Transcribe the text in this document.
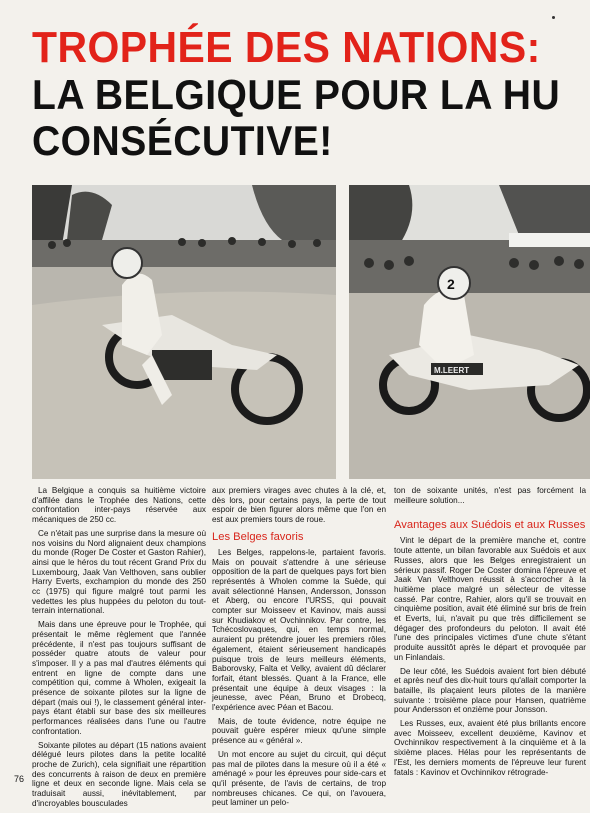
TROPHÉE DES NATIONS:
LA BELGIQUE POUR LA HU
CONSÉCUTIVE!
2
M.LEERT

La Belgique a conquis sa huitième victoire d'affilée dans le Trophée des Nations, cette confrontation inter-pays réservée aux mécaniques de 250 cc.

Ce n'était pas une surprise dans la mesure où nos voisins du Nord alignaient deux champions du monde (Roger De Coster et Gaston Rahier), ainsi que le héros du tout récent Grand Prix du Luxembourg, Jaak Van Velthoven, sans oublier Harry Everts, exchampion du monde des 250 cc (1975) qui figure malgré tout parmi les vedettes les plus huppées du peloton du tout-terrain international.

Mais dans une épreuve pour le Trophée, qui présentait le même règlement que l'année précédente, il n'est pas toujours suffisant de posséder quatre atouts de valeur pour s'imposer. Il y a pas mal d'autres éléments qui entrent en ligne de compte dans une compétition qui, comme à Wholen, exigeait la présence de soixante pilotes sur la ligne de départ (mais oui !), le classement général inter-pays étant établi sur base des six meilleures performances réalisées dans l'une ou l'autre confrontation.

Soixante pilotes au départ (15 nations avaient délégué leurs pilotes dans la petite localité proche de Zurich), cela signifiait une répartition des concurrents à raison de deux en première ligne et deux en seconde ligne. Mais cela se traduisait aussi, inévitablement, par d'incroyables bousculades

aux premiers virages avec chutes à la clé, et, dès lors, pour certains pays, la perte de tout espoir de bien figurer alors même que l'on en est aux premiers tours de roue.

Les Belges favoris

Les Belges, rappelons-le, partaient favoris. Mais on pouvait s'attendre à une sérieuse opposition de la part de quelques pays fort bien représentés à Wholen comme la Suède, qui avait sélectionné Hansen, Andersson, Jonsson et Aberg, ou encore l'URSS, qui pouvait compter sur Moisseev et Kavinov, mais aussi sur Khudiakov et Ovchinnikov. Par contre, les Tchécoslovaques, qui, en temps normal, auraient pu prétendre jouer les premiers rôles également, étaient sérieusement handicapés puisque trois de leurs meilleurs éléments, Baborovsky, Falta et Velky, avaient dû déclarer forfait, étant blessés. Quant à la France, elle présentait une équipe à deux visages : la jeunesse, avec Péan, Bruno et Drobecq, l'expérience avec Péan et Bacou.

Mais, de toute évidence, notre équipe ne pouvait guère espérer mieux qu'une simple présence au « général ».

Un mot encore au sujet du circuit, qui déçut pas mal de pilotes dans la mesure où il a été « aménagé » pour les épreuves pour side-cars et qu'il présente, de l'avis de certains, de trop nombreuses chicanes. Ce qui, on l'avouera, peut laminer un pelo-

ton de soixante unités, n'est pas forcément la meilleure solution...

Avantages aux Suédois et aux Russes

Vint le départ de la première manche et, contre toute attente, un bilan favorable aux Suédois et aux Russes, alors que les Belges enregistraient un sérieux passif. Roger De Coster domina l'épreuve et Jaak Van Velthoven réussit à s'accrocher à la huitième place malgré un sélecteur de vitesse cassé. Par contre, Rahier, alors qu'il se trouvait en cinquième position, avait été éliminé sur bris de frein et Everts, lui, n'avait pu que très difficilement se dégager des profondeurs du peloton. Il avait été l'une des principales victimes d'une chute s'étant produite aussitôt après le départ et provoquée par un Finlandais.

De leur côté, les Suédois avaient fort bien débuté et après neuf des dix-huit tours qu'allait comporter la bataille, ils plaçaient leurs pilotes de la manière suivante : troisième place pour Hansen, quatrième pour Andersson et onzième pour Jonsson.

Les Russes, eux, avaient été plus brillants encore avec Moisseev, excellent deuxième, Kavinov et Ovchinnikov respectivement à la cinquième et à la sixième places. Hélas pour les représentants de l'Est, les derniers moments de l'épreuve leur furent fatals : Kavinov et Ovchinnikov rétrograde-

76
